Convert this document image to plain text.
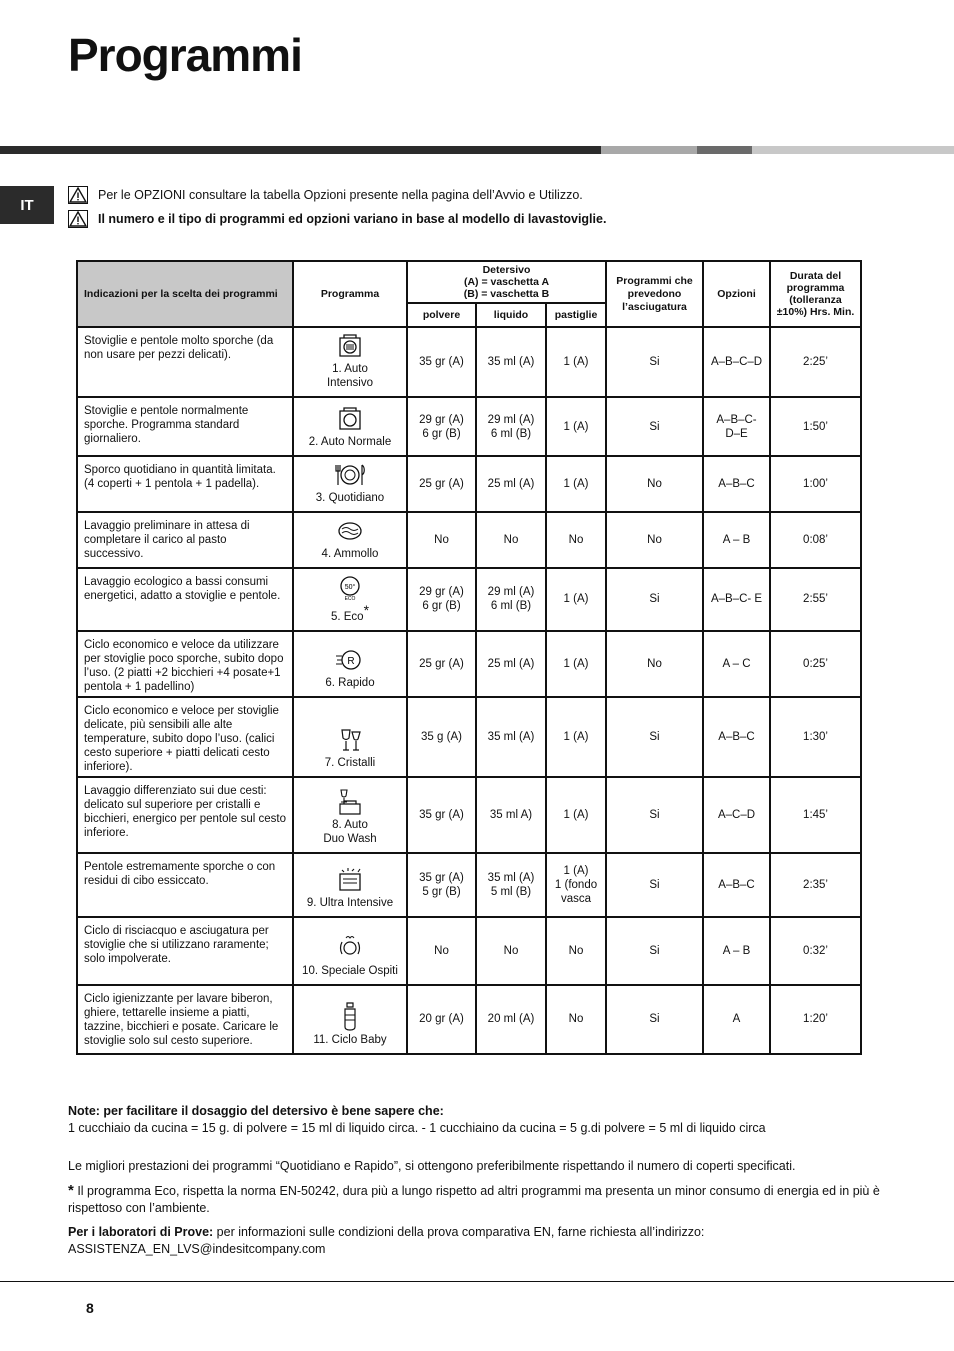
Programmi
IT
Per le OPZIONI consultare la tabella Opzioni presente nella pagina dell’Avvio e Utilizzo.
Il numero e il tipo di programmi ed opzioni variano in base al modello di lavastoviglie.
Indicazioni per la scelta dei programmi	Programma	Detersivo
(A) = vaschetta A
(B) = vaschetta B			Programmi che prevedono l’asciugatura	Opzioni	Durata del programma (tolleranza ±10%) Hrs. Min.
		polvere	liquido	pastiglie			
Stoviglie e pentole molto sporche (da non usare per pezzi delicati).	1. Auto
Intensivo	35 gr (A)	35 ml (A)	1 (A)	Si	A–B–C–D	2:25’
Stoviglie e pentole normalmente sporche. Programma standard giornaliero.	2. Auto Normale	29 gr (A)
6 gr (B)	29 ml (A)
6 ml (B)	1 (A)	Si	A–B–C-
D–E	1:50’
Sporco quotidiano in quantità limitata. (4 coperti + 1 pentola + 1 padella).	3. Quotidiano	25 gr (A)	25 ml (A)	1 (A)	No	A–B–C	1:00’
Lavaggio preliminare in attesa di completare il carico al pasto successivo.	4. Ammollo	No	No	No	No	A – B	0:08’
Lavaggio ecologico a bassi consumi energetici, adatto a stoviglie e pentole.	50°
ECO
5. Eco*	29 gr (A)
6 gr (B)	29 ml (A)
6 ml (B)	1 (A)	Si	A–B–C- E	2:55’
Ciclo economico e veloce da utilizzare per stoviglie poco sporche, subito dopo l’uso. (2 piatti +2 bicchieri +4 posate+1 pentola + 1 padellino)	R
6. Rapido	25 gr (A)	25 ml (A)	1 (A)	No	A – C	0:25’
Ciclo economico e veloce per stoviglie delicate, più sensibili alle alte temperature, subito dopo l’uso. (calici cesto superiore + piatti delicati cesto inferiore).	7. Cristalli	35 g (A)	35 ml (A)	1 (A)	Si	A–B–C	1:30’
Lavaggio differenziato sui due cesti: delicato sul superiore per cristalli e bicchieri, energico per pentole sul cesto inferiore.	8. Auto
Duo Wash	35 gr (A)	35 ml A)	1 (A)	Si	A–C–D	1:45’
Pentole estremamente sporche o con residui di cibo essiccato.	9. Ultra Intensive	35 gr (A)
5 gr (B)	35 ml (A)
5 ml (B)	1 (A)
1 (fondo
vasca	Si	A–B–C	2:35’
Ciclo di risciacquo e asciugatura per stoviglie che si utilizzano raramente; solo impolverate.	10. Speciale Ospiti	No	No	No	Si	A – B	0:32’
Ciclo igienizzante per lavare biberon, ghiere, tettarelle insieme a piatti, tazzine, bicchieri e posate. Caricare le stoviglie solo sul cesto superiore.	11. Ciclo Baby	20 gr (A)	20 ml (A)	No	Si	A	1:20’
Note: per facilitare il dosaggio del detersivo è bene sapere che:
1 cucchiaio da cucina = 15 g. di polvere = 15 ml di liquido circa. - 1 cucchiaino da cucina = 5 g.di polvere = 5 ml di liquido circa
Le migliori prestazioni dei programmi “Quotidiano e Rapido”, si ottengono preferibilmente rispettando il numero di coperti specificati.
* Il programma Eco, rispetta la norma EN-50242, dura più a lungo rispetto ad altri programmi ma presenta un minor consumo di energia ed in più è rispettoso con l’ambiente.
Per i laboratori di Prove: per informazioni sulle condizioni della prova comparativa EN, farne richiesta all’indirizzo:
ASSISTENZA_EN_LVS@indesitcompany.com
8
